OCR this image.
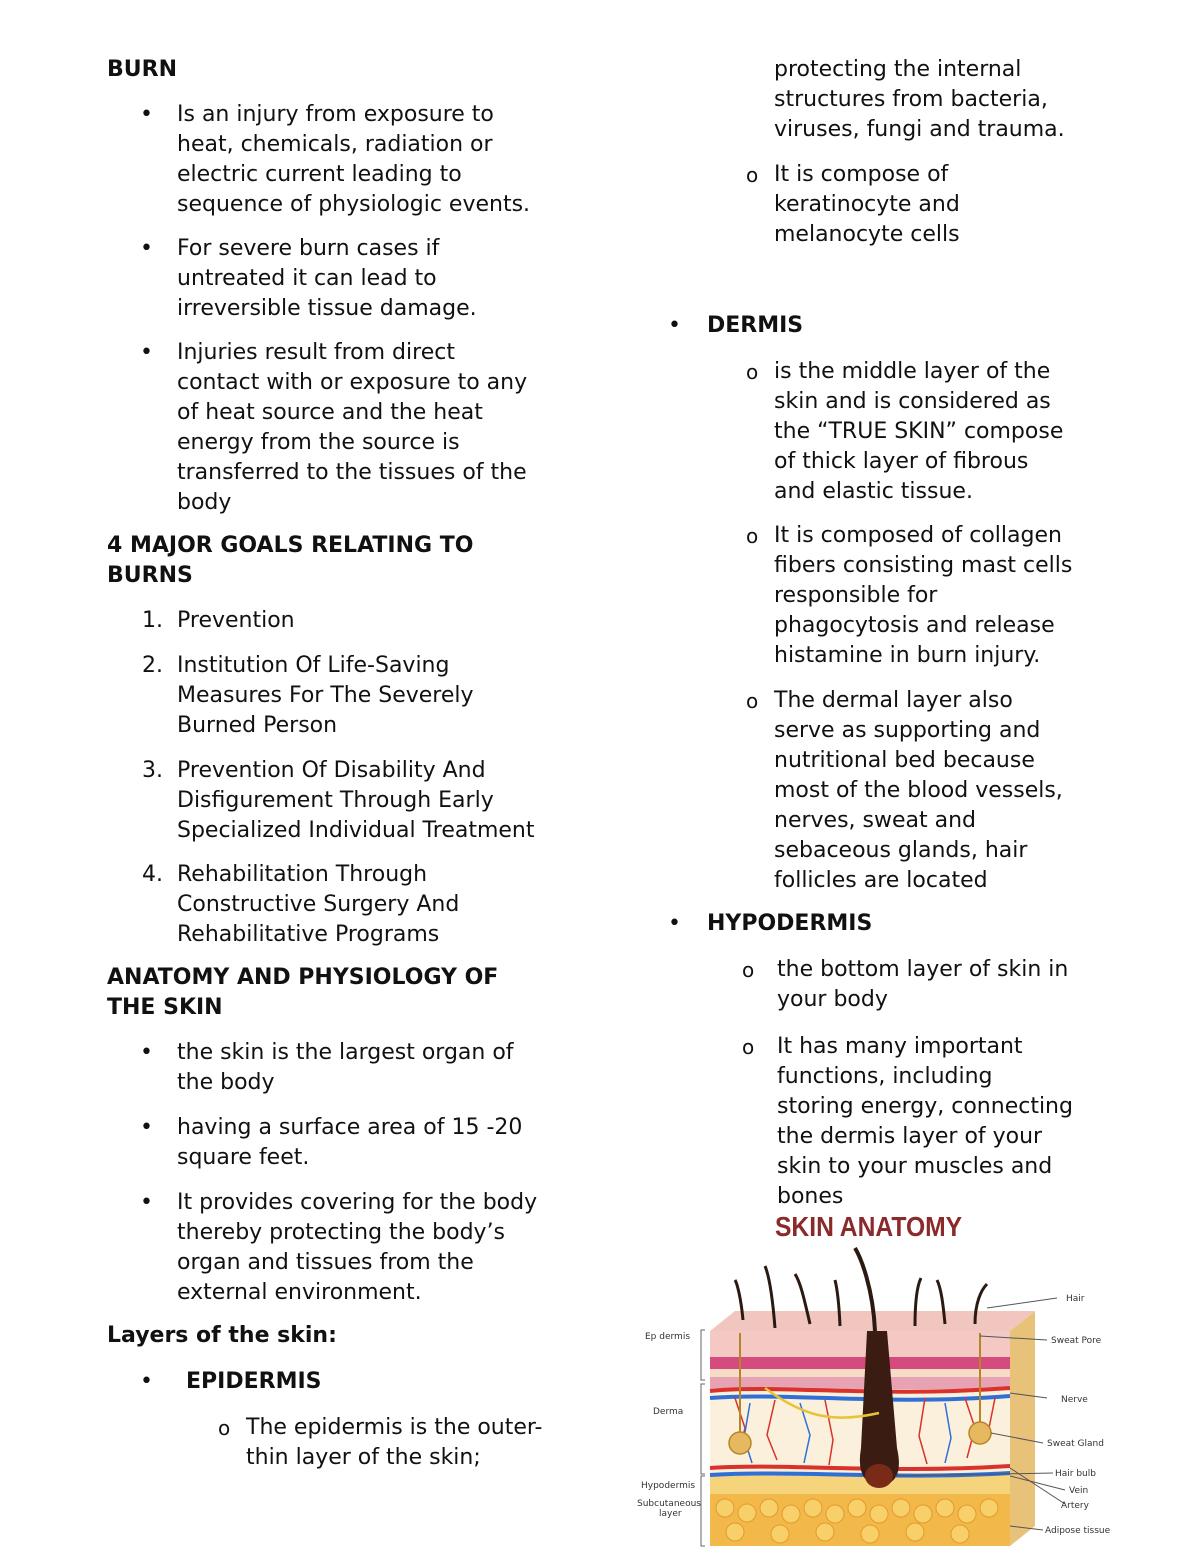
BURN
• Is an injury from exposure to
heat, chemicals, radiation or
electric current leading to
sequence of physiologic events.
• For severe burn cases if
untreated it can lead to
irreversible tissue damage.
• Injuries result from direct
contact with or exposure to any
of heat source and the heat
energy from the source is
transferred to the tissues of the
body
4 MAJOR GOALS RELATING TO
BURNS
1. Prevention
2. Institution Of Life-Saving
Measures For The Severely
Burned Person
3. Prevention Of Disability And
Disfigurement Through Early
Specialized Individual Treatment
4. Rehabilitation Through
Constructive Surgery And
Rehabilitative Programs
ANATOMY AND PHYSIOLOGY OF
THE SKIN
• the skin is the largest organ of
the body
• having a surface area of 15 -20
square feet.
• It provides covering for the body
thereby protecting the body’s
organ and tissues from the
external environment.
Layers of the skin:
• EPIDERMIS
o The epidermis is the outer-
thin layer of the skin;
protecting the internal
structures from bacteria,
viruses, fungi and trauma.
o It is compose of
keratinocyte and
melanocyte cells
• DERMIS
o is the middle layer of the
skin and is considered as
the “TRUE SKIN” compose
of thick layer of fibrous
and elastic tissue.
o It is composed of collagen
fibers consisting mast cells
responsible for
phagocytosis and release
histamine in burn injury.
o The dermal layer also
serve as supporting and
nutritional bed because
most of the blood vessels,
nerves, sweat and
sebaceous glands, hair
follicles are located
• HYPODERMIS
o the bottom layer of skin in
your body
o It has many important
functions, including
storing energy, connecting
the dermis layer of your
skin to your muscles and
bones
SKIN ANATOMY
Ep dermis
Derma
Hypodermis
Subcutaneous
layer
Hair
Sweat Pore
Nerve
Sweat Gland
Hair bulb
Vein
Artery
Adipose tissue
